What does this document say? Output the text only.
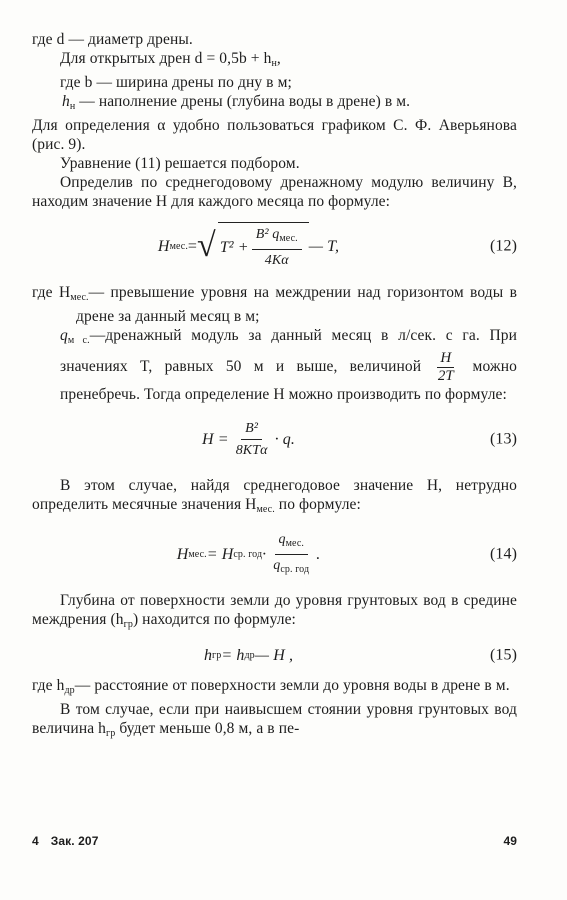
где d — диаметр дрены.

Для открытых дрен $d = 0,5b + h_н$,

где b — ширина дрены по дну в м;

$h_н$ — наполнение дрены (глубина воды в дрене) в м.

Для определения α удобно пользоваться графиком С. Ф. Аверьянова (рис. 9).

Уравнение (11) решается подбором.

Определив по среднегодовому дренажному модулю величину B, находим значение H для каждого месяца по формуле:

H мес. = √ $T^2 + \frac{B^2 q_{мес.}}{4K\alpha}$ — T,	(12)

где $H_{мес.}—$ превышение уровня на междрении над горизонтом воды в дрене за данный месяц в м;

$q_{м с.}—дренажный$ модуль за данный месяц в л/сек. с га. При значениях T, равных 50 м и выше, величиной $\frac{H}{2T}$ можно пренебречь. Тогда определение H можно производить по формуле:

$H = \frac{\text{B²}}{\text{8KTα}} \cdot q$.	(13)

В этом случае, найдя среднегодовое значение H, нетрудно определить месячные значения $H_{мес.}$ по формуле:

H мес. = H ср. год · $\frac{q_{мес.}}{q_{ср. год}}$ .	(14)

Глубина от поверхности земли до уровня грунтовых вод в средине междрения $(h_{гр})$ находится по формуле:

h гр = h др — H ,	(15)

где $h_{др}—$ расстояние от поверхности земли до уровня воды в дрене в м.

В том случае, если при наивысшем стоянии уровня грунтовых вод величина $h_{гр}$ будет меньше 0,8 м, а в пе-

4 Зак. 207	49
